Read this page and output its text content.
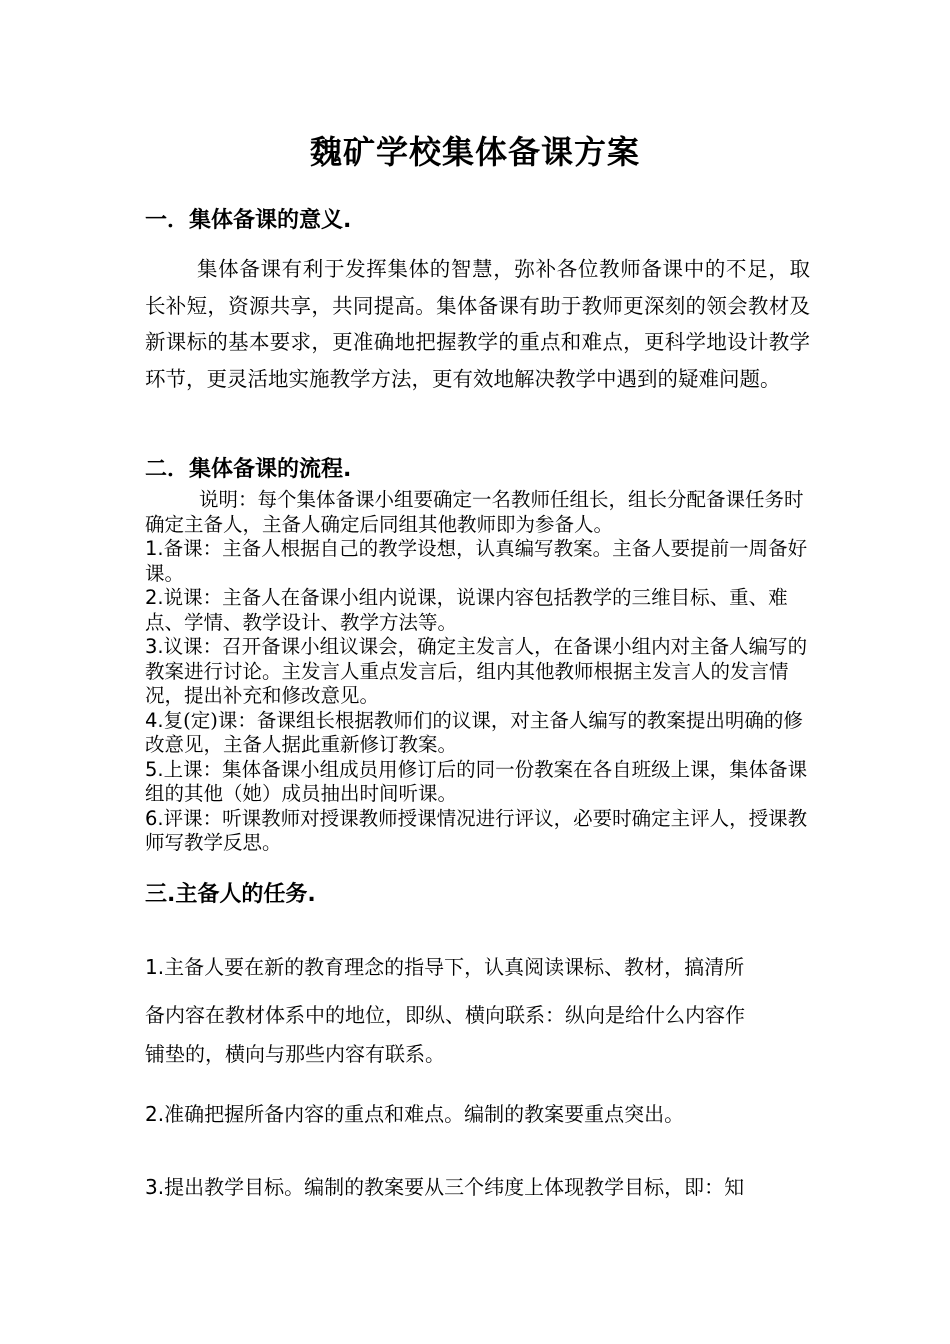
魏矿学校集体备课方案
一．集体备课的意义.

集体备课有利于发挥集体的智慧，弥补各位教师备课中的不足，取长补短，资源共享，共同提高。集体备课有助于教师更深刻的领会教材及新课标的基本要求，更准确地把握教学的重点和难点，更科学地设计教学环节，更灵活地实施教学方法，更有效地解决教学中遇到的疑难问题。

二．集体备课的流程.

说明：每个集体备课小组要确定一名教师任组长，组长分配备课任务时确定主备人，主备人确定后同组其他教师即为参备人。

1.备课：主备人根据自己的教学设想，认真编写教案。主备人要提前一周备好课。

2.说课：主备人在备课小组内说课，说课内容包括教学的三维目标、重、难点、学情、教学设计、教学方法等。

3.议课：召开备课小组议课会，确定主发言人，在备课小组内对主备人编写的教案进行讨论。主发言人重点发言后，组内其他教师根据主发言人的发言情况，提出补充和修改意见。

4.复(定)课：备课组长根据教师们的议课，对主备人编写的教案提出明确的修改意见，主备人据此重新修订教案。

5.上课：集体备课小组成员用修订后的同一份教案在各自班级上课，集体备课组的其他（她）成员抽出时间听课。

6.评课：听课教师对授课教师授课情况进行评议，必要时确定主评人，授课教师写教学反思。

三.主备人的任务.

1.主备人要在新的教育理念的指导下，认真阅读课标、教材，搞清所

备内容在教材体系中的地位，即纵、横向联系：纵向是给什么内容作

铺垫的，横向与那些内容有联系。

2.准确把握所备内容的重点和难点。编制的教案要重点突出。

3.提出教学目标。编制的教案要从三个纬度上体现教学目标，即：知
